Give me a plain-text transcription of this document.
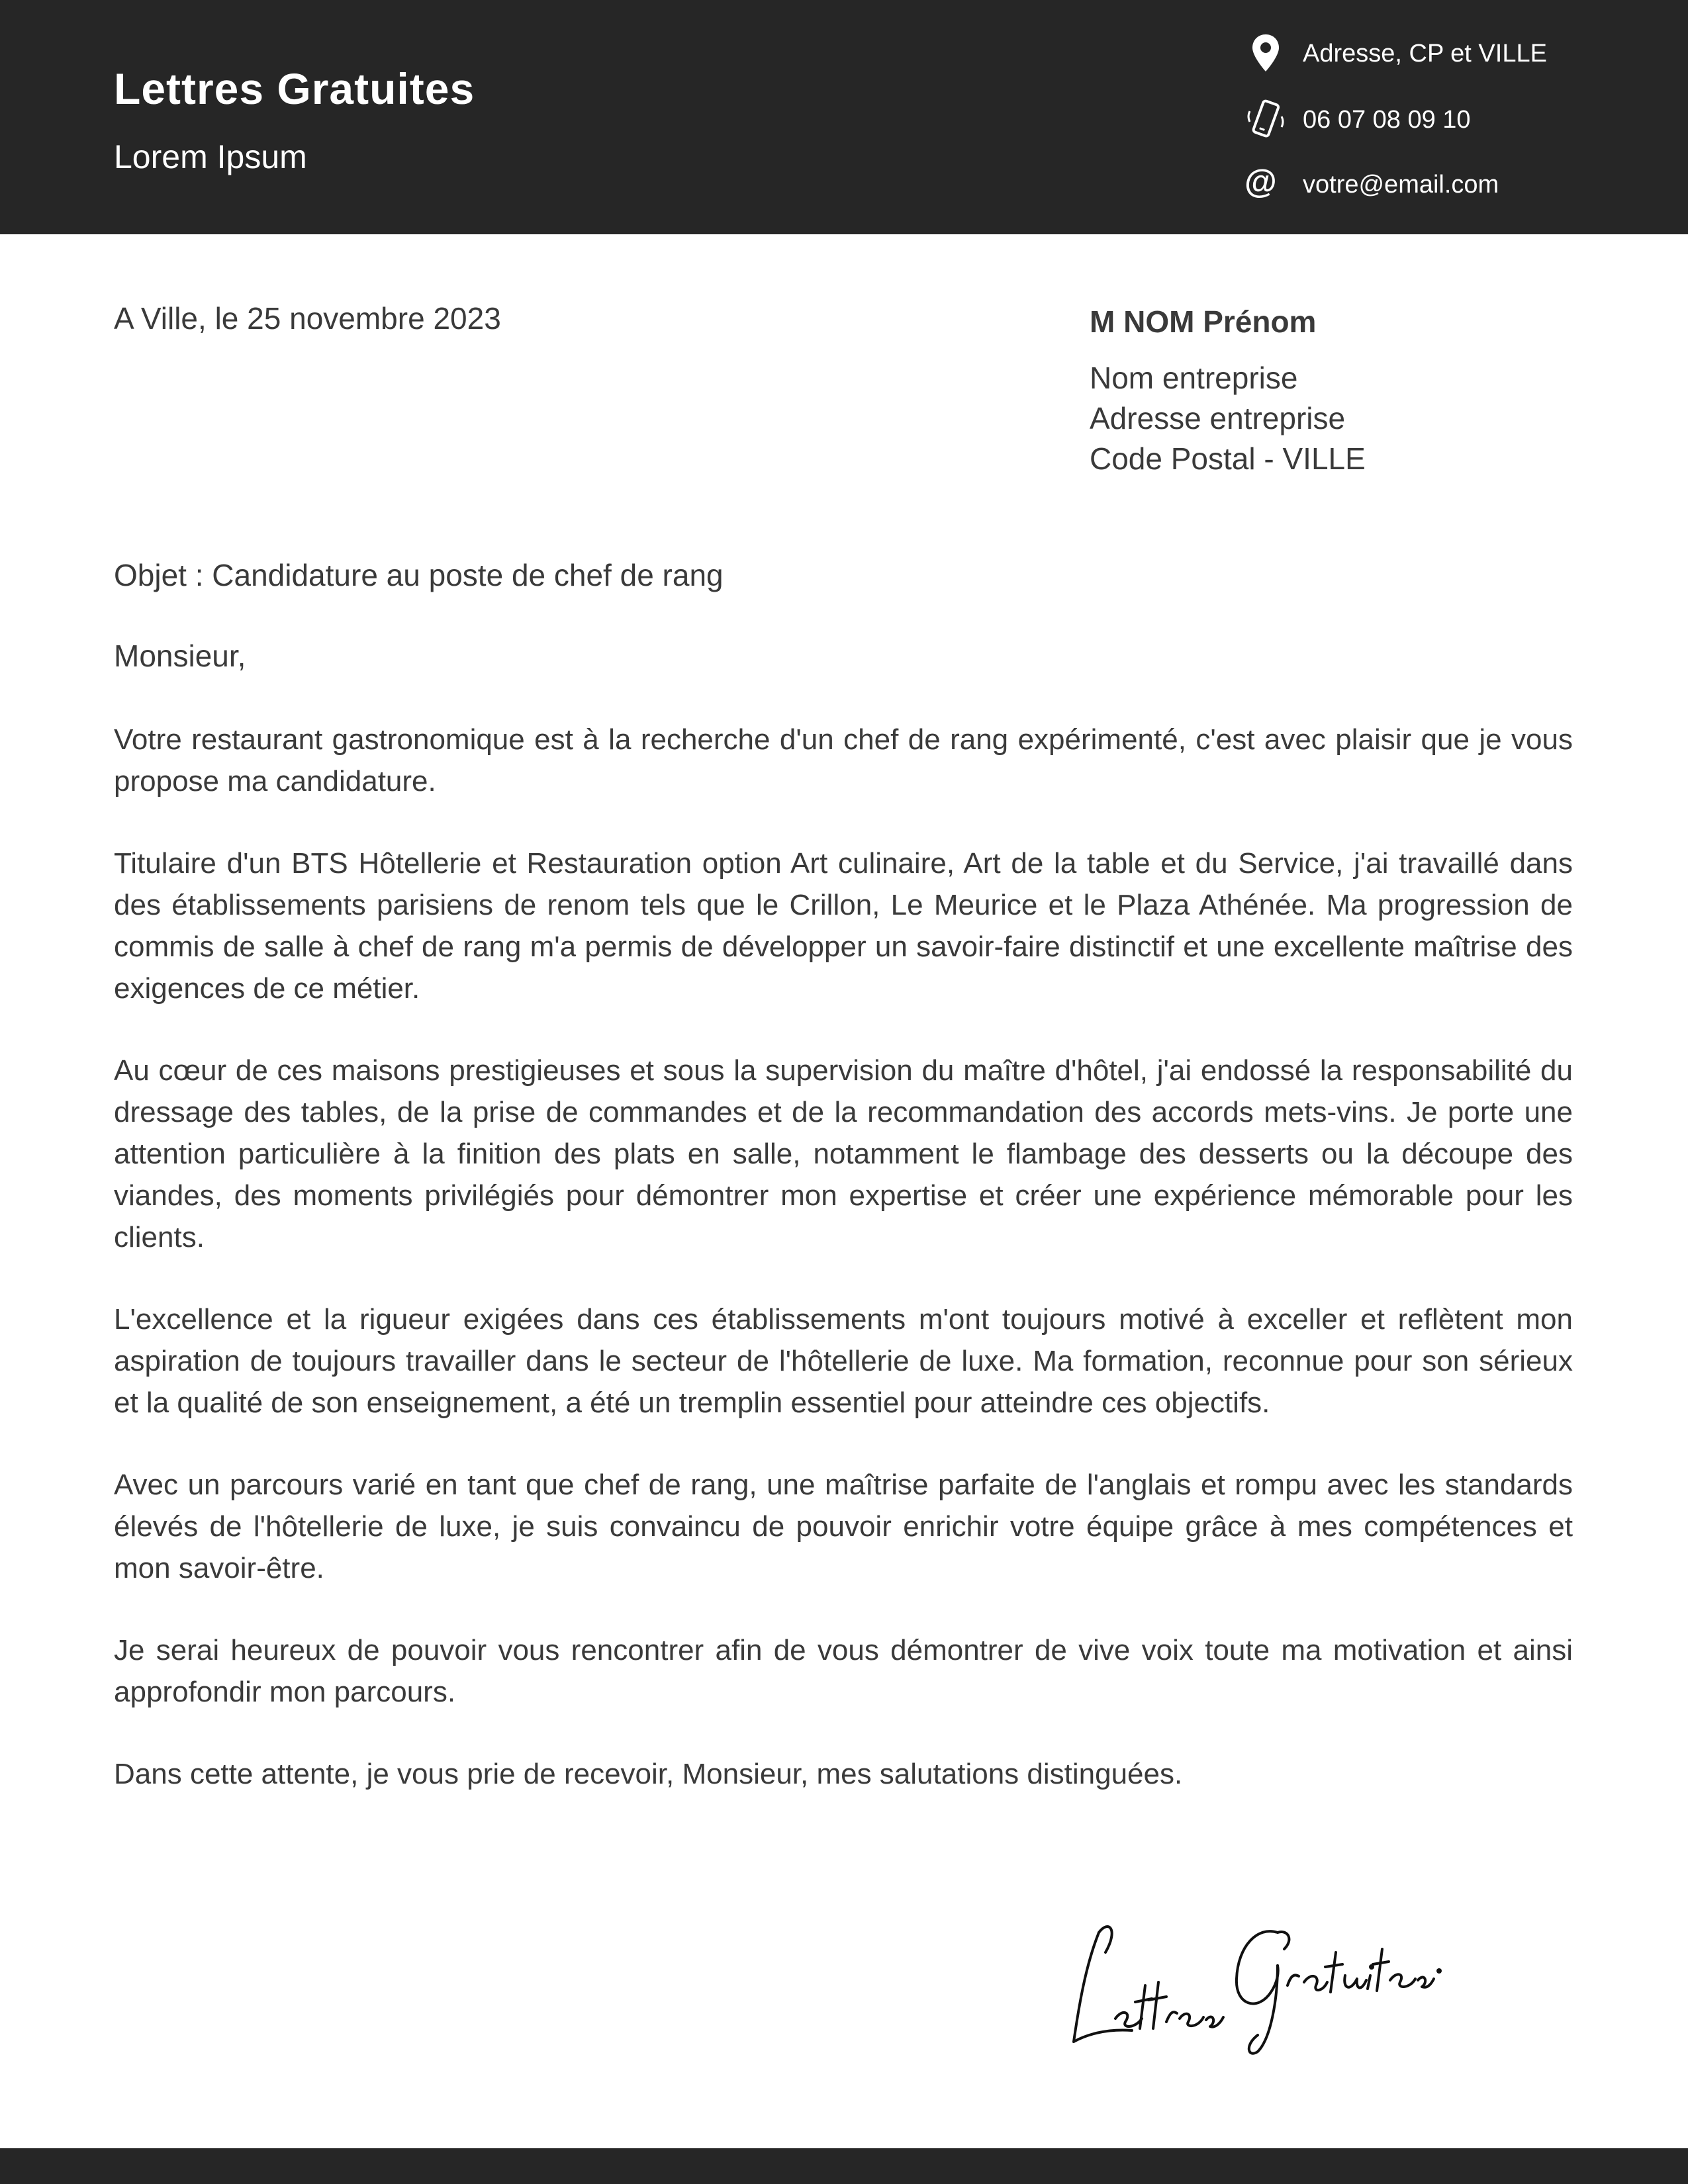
Lettres Gratuites
Lorem Ipsum
Adresse, CP et VILLE
06 07 08 09 10
@	votre@email.com
A Ville, le 25 novembre 2023	M NOM Prénom
Nom entreprise
Adresse entreprise
Code Postal - VILLE
Objet : Candidature au poste de chef de rang
Monsieur,

Votre restaurant gastronomique est à la recherche d'un chef de rang expérimenté, c'est avec plaisir que je vous propose ma candidature.

Titulaire d'un BTS Hôtellerie et Restauration option Art culinaire, Art de la table et du Service, j'ai travaillé dans des établissements parisiens de renom tels que le Crillon, Le Meurice et le Plaza Athénée. Ma progression de commis de salle à chef de rang m'a permis de développer un savoir-faire distinctif et une excellente maîtrise des exigences de ce métier.

Au cœur de ces maisons prestigieuses et sous la supervision du maître d'hôtel, j'ai endossé la responsabilité du dressage des tables, de la prise de commandes et de la recommandation des accords mets-vins. Je porte une attention particulière à la finition des plats en salle, notamment le flambage des desserts ou la découpe des viandes, des moments privilégiés pour démontrer mon expertise et créer une expérience mémorable pour les clients.

L'excellence et la rigueur exigées dans ces établissements m'ont toujours motivé à exceller et reflètent mon aspiration de toujours travailler dans le secteur de l'hôtellerie de luxe. Ma formation, reconnue pour son sérieux et la qualité de son enseignement, a été un tremplin essentiel pour atteindre ces objectifs.

Avec un parcours varié en tant que chef de rang, une maîtrise parfaite de l'anglais et rompu avec les standards élevés de l'hôtellerie de luxe, je suis convaincu de pouvoir enrichir votre équipe grâce à mes compétences et mon savoir-être.

Je serai heureux de pouvoir vous rencontrer afin de vous démontrer de vive voix toute ma motivation et ainsi approfondir mon parcours.

Dans cette attente, je vous prie de recevoir, Monsieur, mes salutations distinguées.
